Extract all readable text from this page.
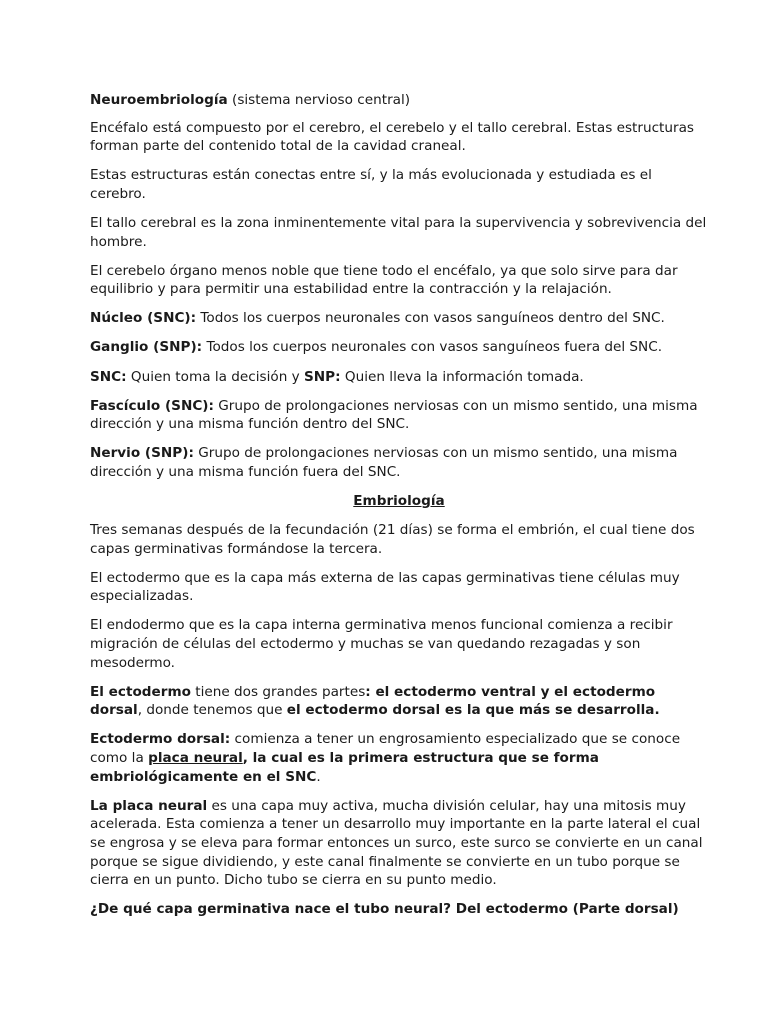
Neuroembriología (sistema nervioso central)

Encéfalo está compuesto por el cerebro, el cerebelo y el tallo cerebral. Estas estructuras forman parte del contenido total de la cavidad craneal.

Estas estructuras están conectas entre sí, y la más evolucionada y estudiada es el cerebro.

El tallo cerebral es la zona inminentemente vital para la supervivencia y sobrevivencia del hombre.

El cerebelo órgano menos noble que tiene todo el encéfalo, ya que solo sirve para dar equilibrio y para permitir una estabilidad entre la contracción y la relajación.

Núcleo (SNC): Todos los cuerpos neuronales con vasos sanguíneos dentro del SNC.

Ganglio (SNP): Todos los cuerpos neuronales con vasos sanguíneos fuera del SNC.

SNC: Quien toma la decisión y SNP: Quien lleva la información tomada.

Fascículo (SNC): Grupo de prolongaciones nerviosas con un mismo sentido, una misma dirección y una misma función dentro del SNC.

Nervio (SNP): Grupo de prolongaciones nerviosas con un mismo sentido, una misma dirección y una misma función fuera del SNC.

Embriología

Tres semanas después de la fecundación (21 días) se forma el embrión, el cual tiene dos capas germinativas formándose la tercera.

El ectodermo que es la capa más externa de las capas germinativas tiene células muy especializadas.

El endodermo que es la capa interna germinativa menos funcional comienza a recibir migración de células del ectodermo y muchas se van quedando rezagadas y son mesodermo.

El ectodermo tiene dos grandes partes: el ectodermo ventral y el ectodermo dorsal, donde tenemos que el ectodermo dorsal es la que más se desarrolla.

Ectodermo dorsal: comienza a tener un engrosamiento especializado que se conoce como la placa neural, la cual es la primera estructura que se forma embriológicamente en el SNC.

La placa neural es una capa muy activa, mucha división celular, hay una mitosis muy acelerada. Esta comienza a tener un desarrollo muy importante en la parte lateral el cual se engrosa y se eleva para formar entonces un surco, este surco se convierte en un canal porque se sigue dividiendo, y este canal finalmente se convierte en un tubo porque se cierra en un punto. Dicho tubo se cierra en su punto medio.

¿De qué capa germinativa nace el tubo neural? Del ectodermo (Parte dorsal)
